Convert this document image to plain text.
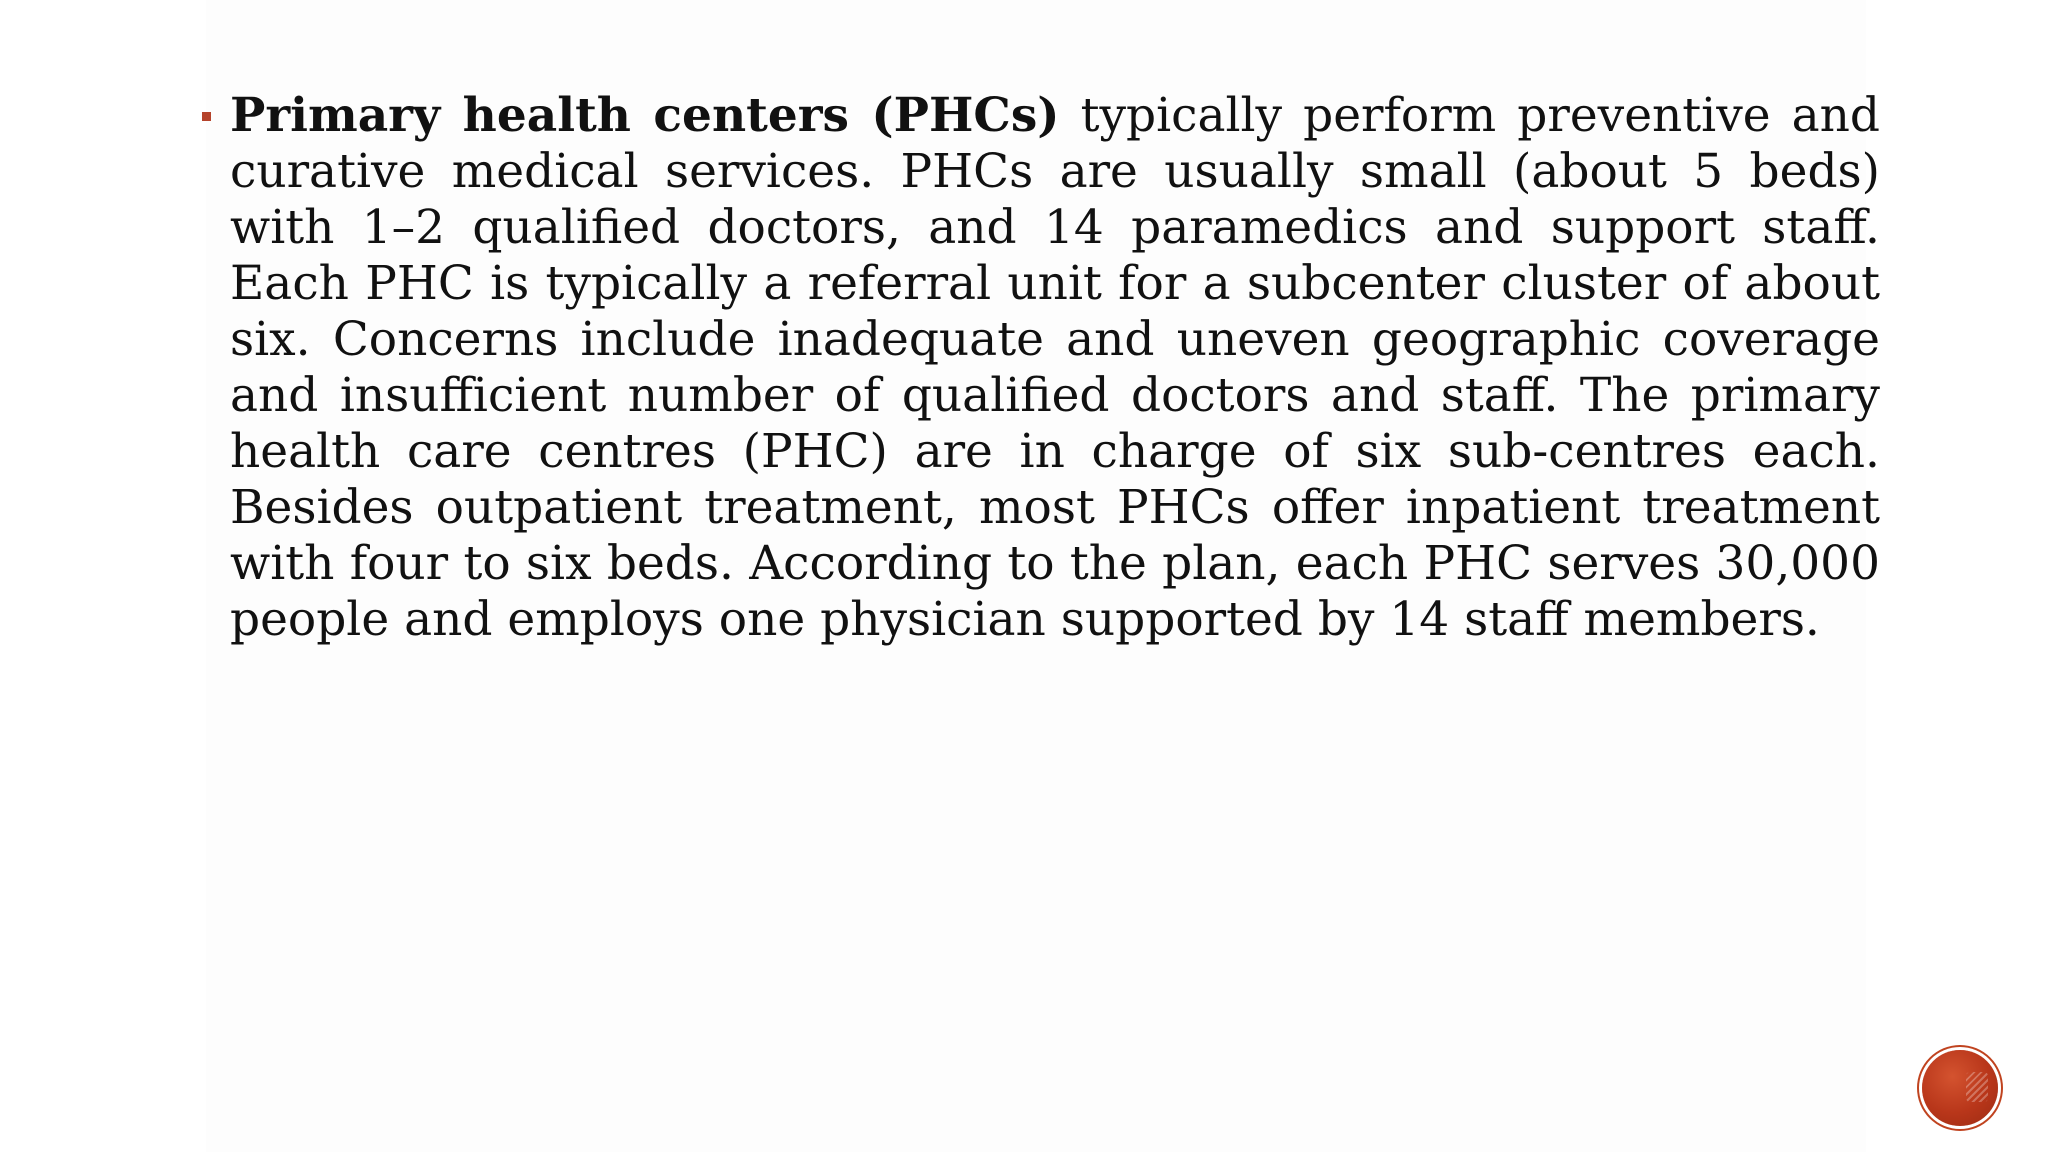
Primary health centers (PHCs) typically perform preventive and curative medical services. PHCs are usually small (about 5 beds) with 1–2 qualified doctors, and 14 paramedics and support staff. Each PHC is typically a referral unit for a subcenter cluster of about six. Concerns include inadequate and uneven geographic coverage and insufficient number of qualified doctors and staff. The primary health care centres (PHC) are in charge of six sub-centres each. Besides outpatient treatment, most PHCs offer inpatient treatment with four to six beds. According to the plan, each PHC serves 30,000 people and employs one physician supported by 14 staff members.
